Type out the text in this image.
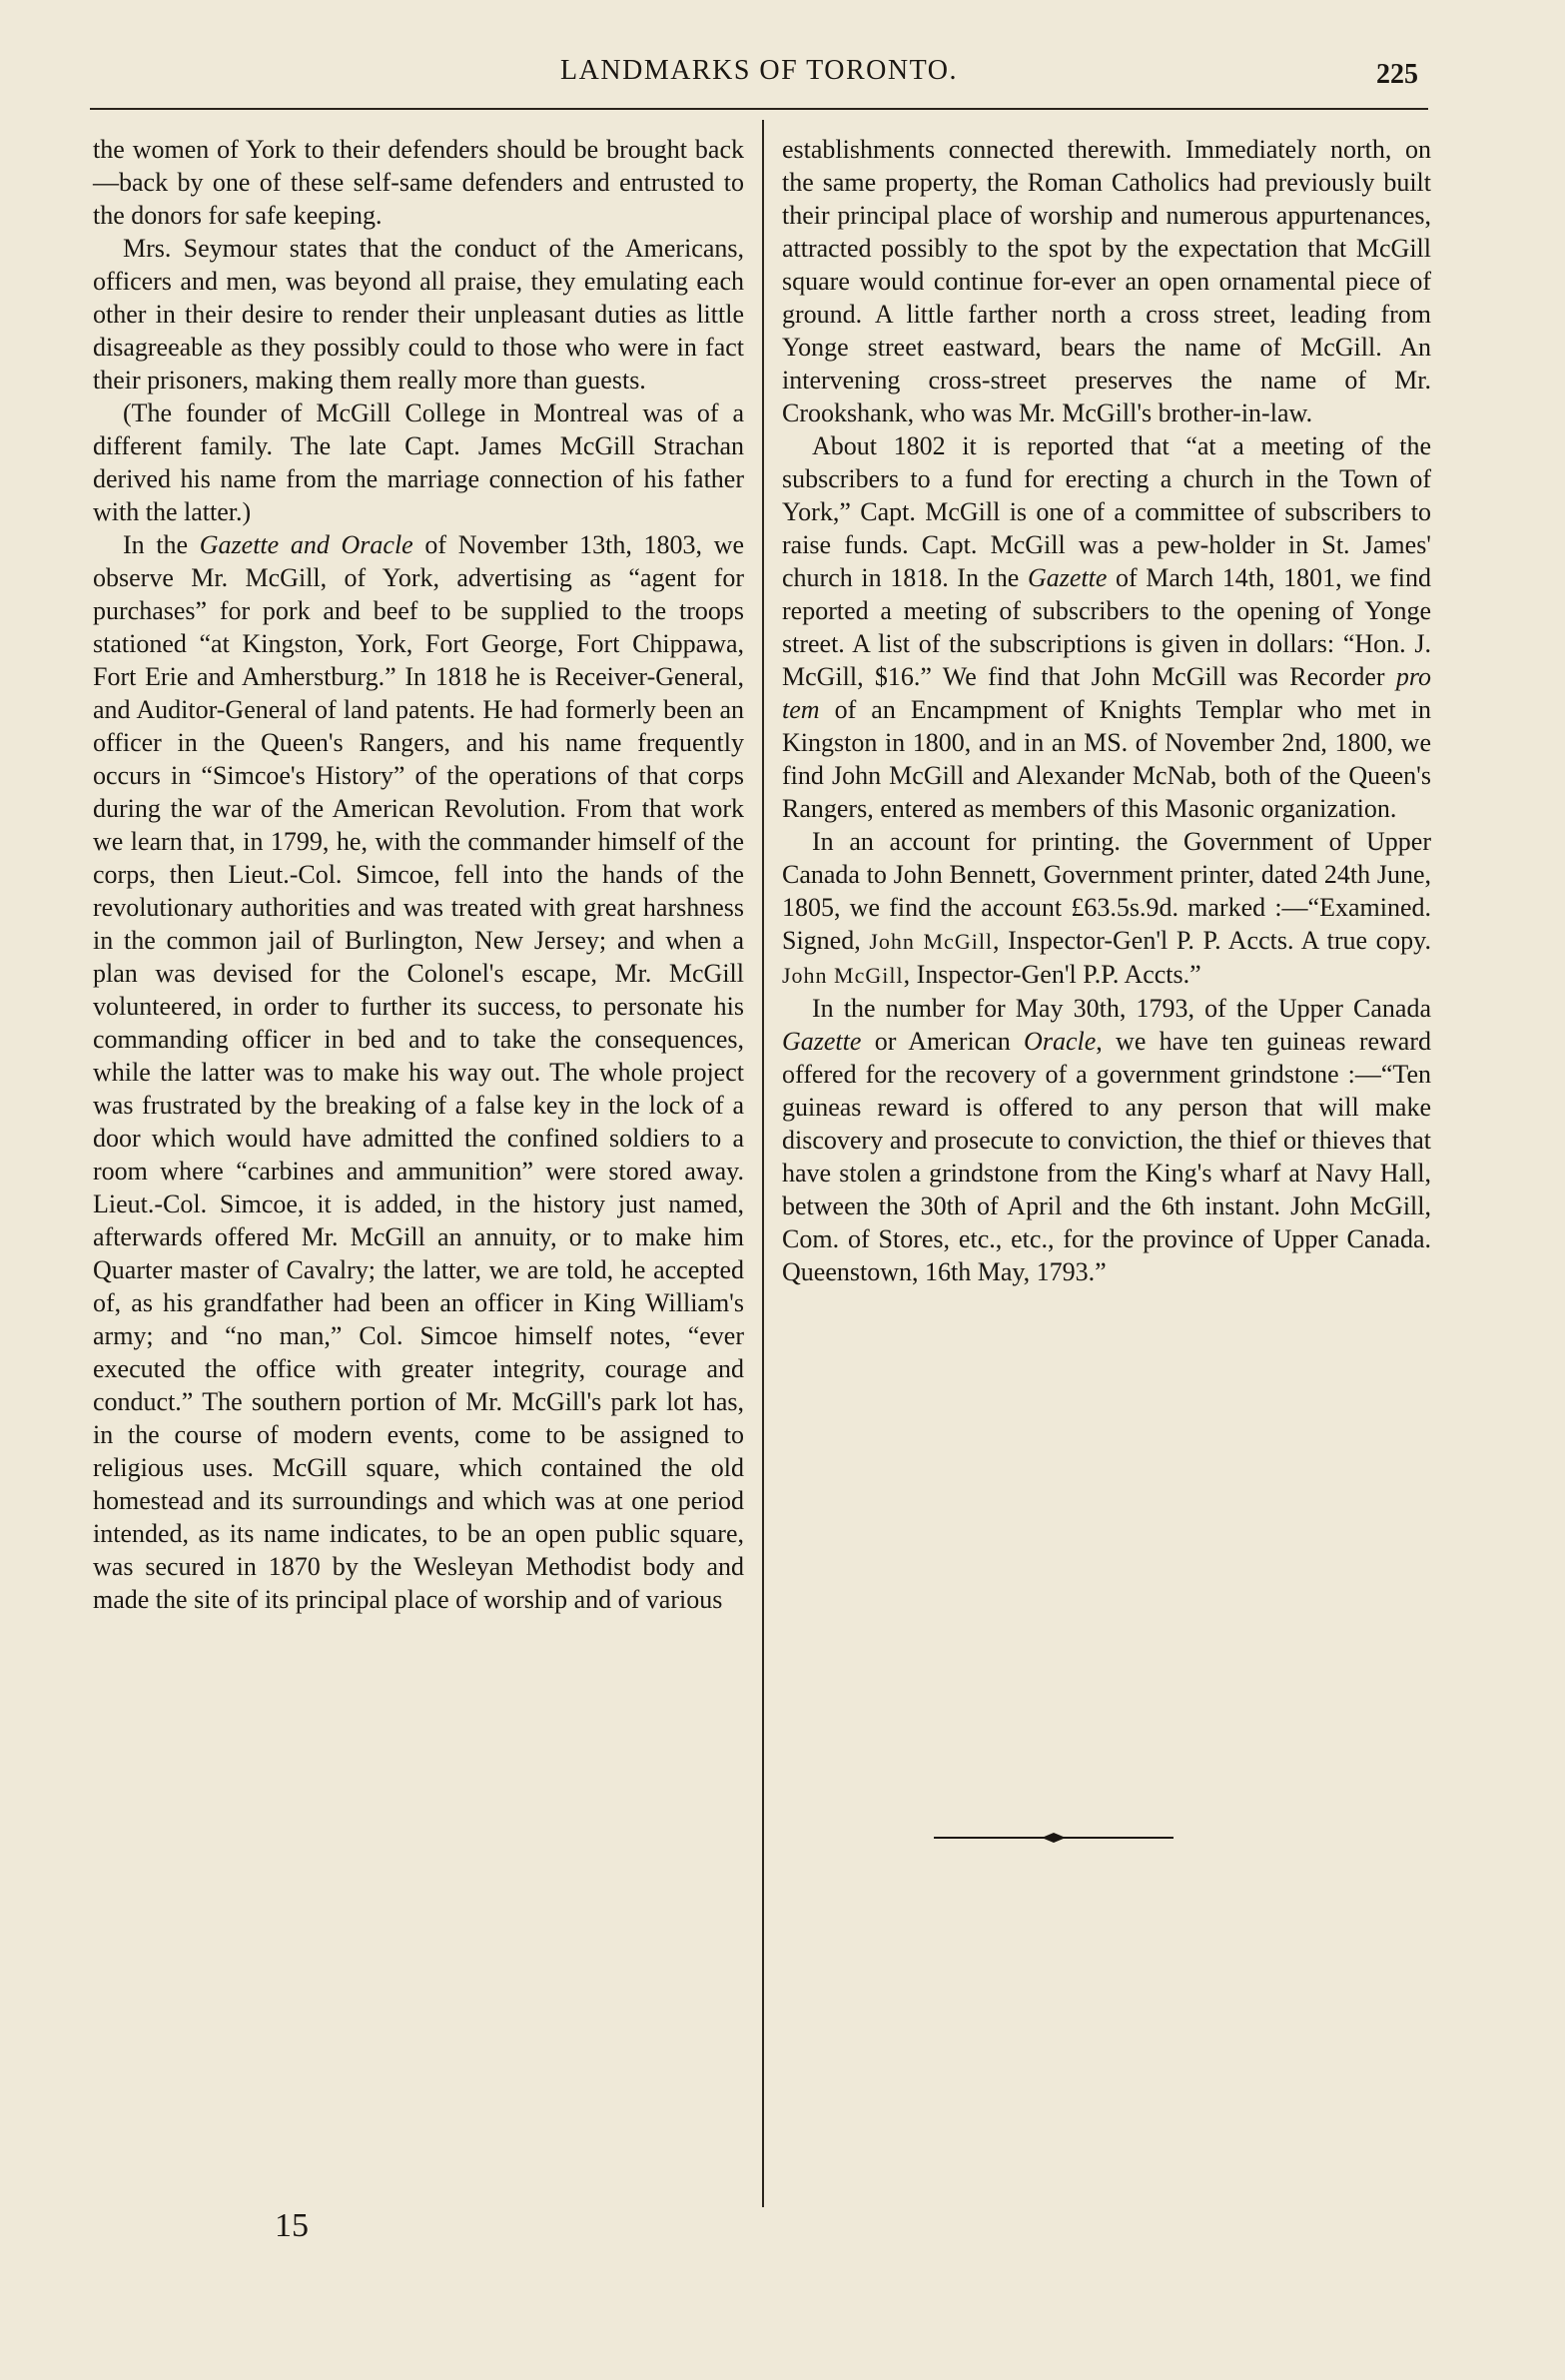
LANDMARKS OF TORONTO.	225

the women of York to their defenders should be brought back—back by one of these self-same defenders and entrusted to the donors for safe keeping.

Mrs. Seymour states that the conduct of the Americans, officers and men, was beyond all praise, they emulating each other in their desire to render their unpleasant duties as little disagreeable as they possibly could to those who were in fact their prisoners, making them really more than guests.

(The founder of McGill College in Montreal was of a different family. The late Capt. James McGill Strachan derived his name from the marriage connection of his father with the latter.)

In the Gazette and Oracle of November 13th, 1803, we observe Mr. McGill, of York, advertising as “agent for purchases” for pork and beef to be supplied to the troops stationed “at Kingston, York, Fort George, Fort Chippawa, Fort Erie and Amherstburg.” In 1818 he is Receiver-General, and Auditor-General of land patents. He had formerly been an officer in the Queen's Rangers, and his name frequently occurs in “Simcoe's History” of the operations of that corps during the war of the American Revolution. From that work we learn that, in 1799, he, with the commander himself of the corps, then Lieut.-Col. Simcoe, fell into the hands of the revolutionary authorities and was treated with great harshness in the common jail of Burlington, New Jersey; and when a plan was devised for the Colonel's escape, Mr. McGill volunteered, in order to further its success, to personate his commanding officer in bed and to take the consequences, while the latter was to make his way out. The whole project was frustrated by the breaking of a false key in the lock of a door which would have admitted the confined soldiers to a room where “carbines and ammunition” were stored away. Lieut.-Col. Simcoe, it is added, in the history just named, afterwards offered Mr. McGill an annuity, or to make him Quarter master of Cavalry; the latter, we are told, he accepted of, as his grandfather had been an officer in King William's army; and “no man,” Col. Simcoe himself notes, “ever executed the office with greater integrity, courage and conduct.” The southern portion of Mr. McGill's park lot has, in the course of modern events, come to be assigned to religious uses. McGill square, which contained the old homestead and its surroundings and which was at one period intended, as its name indicates, to be an open public square, was secured in 1870 by the Wesleyan Methodist body and made the site of its principal place of worship and of various

establishments connected therewith. Immediately north, on the same property, the Roman Catholics had previously built their principal place of worship and numerous appurtenances, attracted possibly to the spot by the expectation that McGill square would continue for-ever an open ornamental piece of ground. A little farther north a cross street, leading from Yonge street eastward, bears the name of McGill. An intervening cross-street preserves the name of Mr. Crookshank, who was Mr. McGill's brother-in-law.

About 1802 it is reported that “at a meeting of the subscribers to a fund for erecting a church in the Town of York,” Capt. McGill is one of a committee of subscribers to raise funds. Capt. McGill was a pew-holder in St. James' church in 1818. In the Gazette of March 14th, 1801, we find reported a meeting of subscribers to the opening of Yonge street. A list of the subscriptions is given in dollars: “Hon. J. McGill, $16.” We find that John McGill was Recorder pro tem of an Encampment of Knights Templar who met in Kingston in 1800, and in an MS. of November 2nd, 1800, we find John McGill and Alexander McNab, both of the Queen's Rangers, entered as members of this Masonic organization.

In an account for printing. the Government of Upper Canada to John Bennett, Government printer, dated 24th June, 1805, we find the account £63.5s.9d. marked :—“Examined. Signed, John McGill, Inspector-Gen'l P. P. Accts. A true copy. John McGill, Inspector-Gen'l P.P. Accts.”

In the number for May 30th, 1793, of the Upper Canada Gazette or American Oracle, we have ten guineas reward offered for the recovery of a government grindstone :—“Ten guineas reward is offered to any person that will make discovery and prosecute to conviction, the thief or thieves that have stolen a grindstone from the King's wharf at Navy Hall, between the 30th of April and the 6th instant. John McGill, Com. of Stores, etc., etc., for the province of Upper Canada. Queenstown, 16th May, 1793.”

15
